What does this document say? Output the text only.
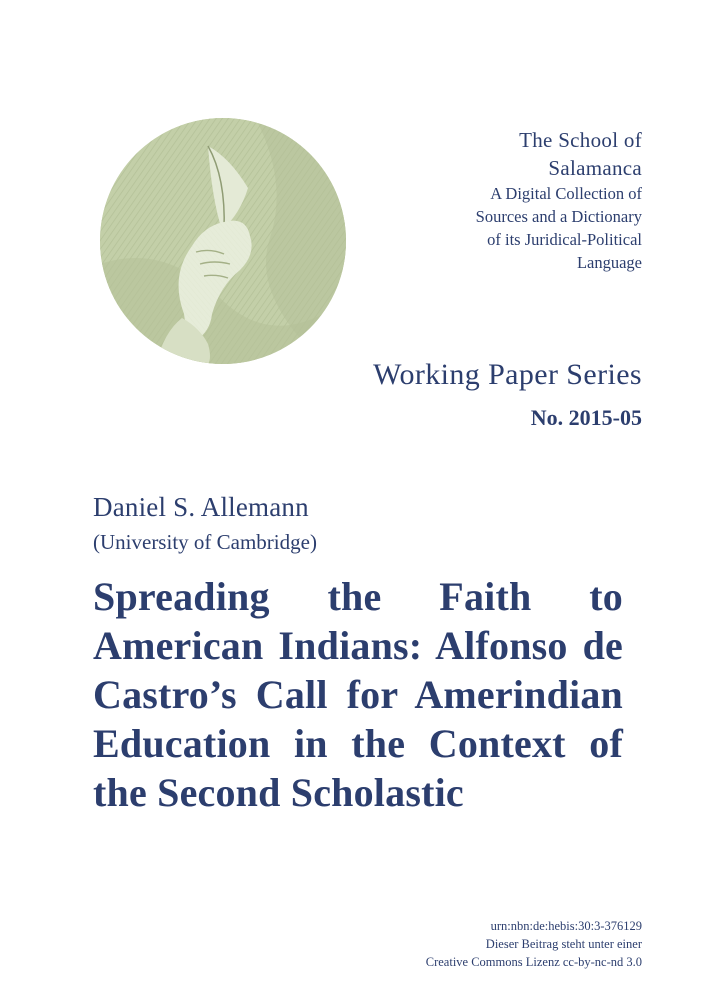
The School of
Salamanca
A Digital Collection of
Sources and a Dictionary
of its Juridical-Political
Language
Working Paper Series
No. 2015-05
Daniel S. Allemann
(University of Cambridge)
Spreading the Faith to American Indians: Alfonso de Castro’s Call for Amerindian Education in the Context of the Second Scholastic
urn:nbn:de:hebis:30:3-376129
Dieser Beitrag steht unter einer
Creative Commons Lizenz cc-by-nc-nd 3.0
